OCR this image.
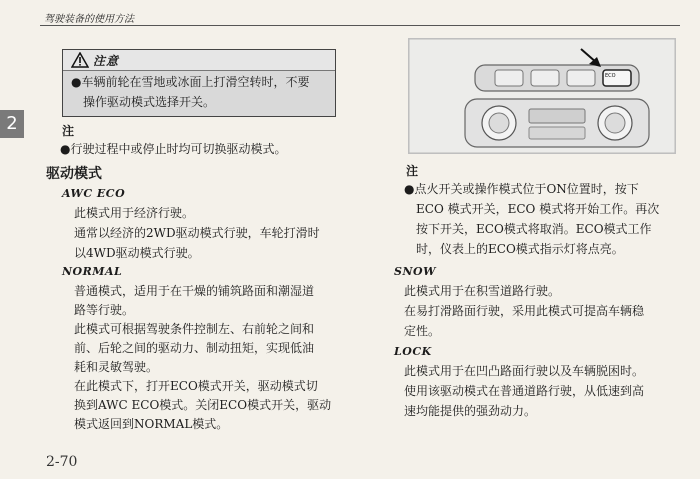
驾驶装备的使用方法
2
注意
●车辆前轮在雪地或冰面上打滑空转时，不要
操作驱动模式选择开关。
注
●行驶过程中或停止时均可切换驱动模式。
驱动模式
AWC ECO
此模式用于经济行驶。
通常以经济的2WD驱动模式行驶，车轮打滑时
以4WD驱动模式行驶。
NORMAL
普通模式，适用于在干燥的铺筑路面和潮湿道
路等行驶。
此模式可根据驾驶条件控制左、右前轮之间和
前、后轮之间的驱动力、制动扭矩，实现低油
耗和灵敏驾驶。
在此模式下，打开ECO模式开关，驱动模式切
换到AWC ECO模式。关闭ECO模式开关，驱动
模式返回到NORMAL模式。
ECO
注
●点火开关或操作模式位于ON位置时，按下
ECO 模式开关，ECO 模式将开始工作。再次
按下开关，ECO模式将取消。ECO模式工作
时，仪表上的ECO模式指示灯将点亮。
SNOW
此模式用于在积雪道路行驶。
在易打滑路面行驶，采用此模式可提高车辆稳
定性。
LOCK
此模式用于在凹凸路面行驶以及车辆脱困时。
使用该驱动模式在普通道路行驶，从低速到高
速均能提供的强劲动力。
2-70
